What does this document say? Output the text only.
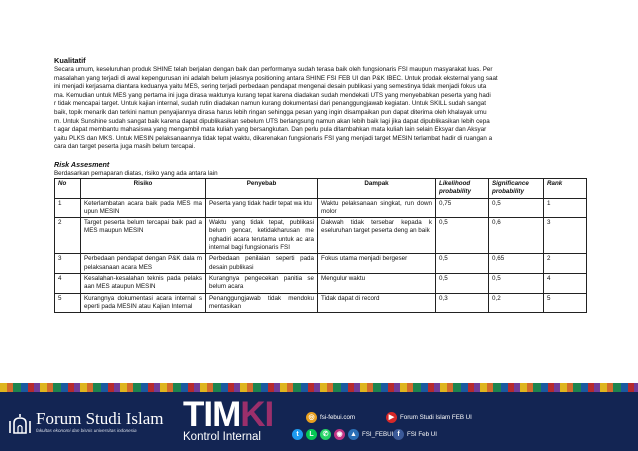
Kualitatif
Secara umum, keseluruhan produk SHINE telah berjalan dengan baik dan performanya sudah terasa baik oleh fungsionaris FSI maupun masyarakat luas. Per
masalahan yang terjadi di awal kepengurusan ini adalah belum jelasnya positioning antara SHINE FSI FEB UI dan P&K IBEC. Untuk prodak eksternal yang saat
ini menjadi kerjasama diantara keduanya yaitu MES, sering terjadi perbedaan pendapat mengenai desain publikasi yang semestinya tidak menjadi fokus uta
ma. Kemudian untuk MES yang pertama ini juga dirasa waktunya kurang tepat karena diadakan sudah mendekati UTS yang menyebabkan peserta yang hadi
r tidak mencapai target. Untuk kajian internal, sudah rutin diadakan namun kurang dokumentasi dari penanggungjawab kegiatan. Untuk SKILL sudah sangat
baik, topik menarik dan terkini namun penyajiannya dirasa harus lebih ringan sehingga pesan yang ingin disampaikan pun dapat diterima oleh khalayak umu
m. Untuk Sunshine sudah sangat baik karena dapat dipublikasikan sebelum UTS berlangsung namun akan lebih baik lagi jika dapat dipublikasikan lebih cepa
t agar dapat membantu mahasiswa yang mengambil mata kuliah yang bersangkutan. Dan perlu pula ditambahkan mata kuliah lain selain Eksyar dan Aksyar
yaitu PLKS dan MKS. Untuk MESIN pelaksanaannya tidak tepat waktu, dikarenakan fungsionaris FSI yang menjadi target MESIN terlambat hadir di ruangan a
cara dan target peserta juga masih belum tercapai.
Risk Assesment
Berdasarkan pemaparan diatas, risiko yang ada antara lain
No	Risiko	Penyebab	Dampak	Likelihood probability	Significance probability	Rank
1	Keterlambatan acara baik pada MES ma upun MESIN	Peserta yang tidak hadir tepat wa ktu	Waktu pelaksanaan singkat, run down molor	0,75	0,5	1
2	Target peserta belum tercapai baik pad a MES maupun MESIN	Waktu yang tidak tepat, publikasi belum gencar, ketidakharusan me nghadiri acara terutama untuk ac ara internal bagi fungsionaris FSI	Dakwah tidak tersebar kepada k eseluruhan target peserta deng an baik	0,5	0,6	3
3	Perbedaan pendapat dengan P&K dala m pelaksanaan acara MES	Perbedaan penilaian seperti pada desain publikasi	Fokus utama menjadi bergeser	0,5	0,65	2
4	Kesalahan-kesalahan teknis pada pelaks aan MES ataupun MESIN	Kurangnya pengecekan panitia se belum acara	Mengulur waktu	0,5	0,5	4
5	Kurangnya dokumentasi acara internal s eperti pada MESIN atau Kajian Internal	Penanggungjawab tidak mendoku mentasikan	Tidak dapat di record	0,3	0,2	5
Forum Studi Islam
fakultas ekonomi dan bisnis universitas indonesia TIMKI
Kontrol Internal
◎ fsi-febui.com	▶ Forum Studi Islam FEB UI
t	L	✆	◉	▲ FSI_FEBUI f	FSI Feb UI
